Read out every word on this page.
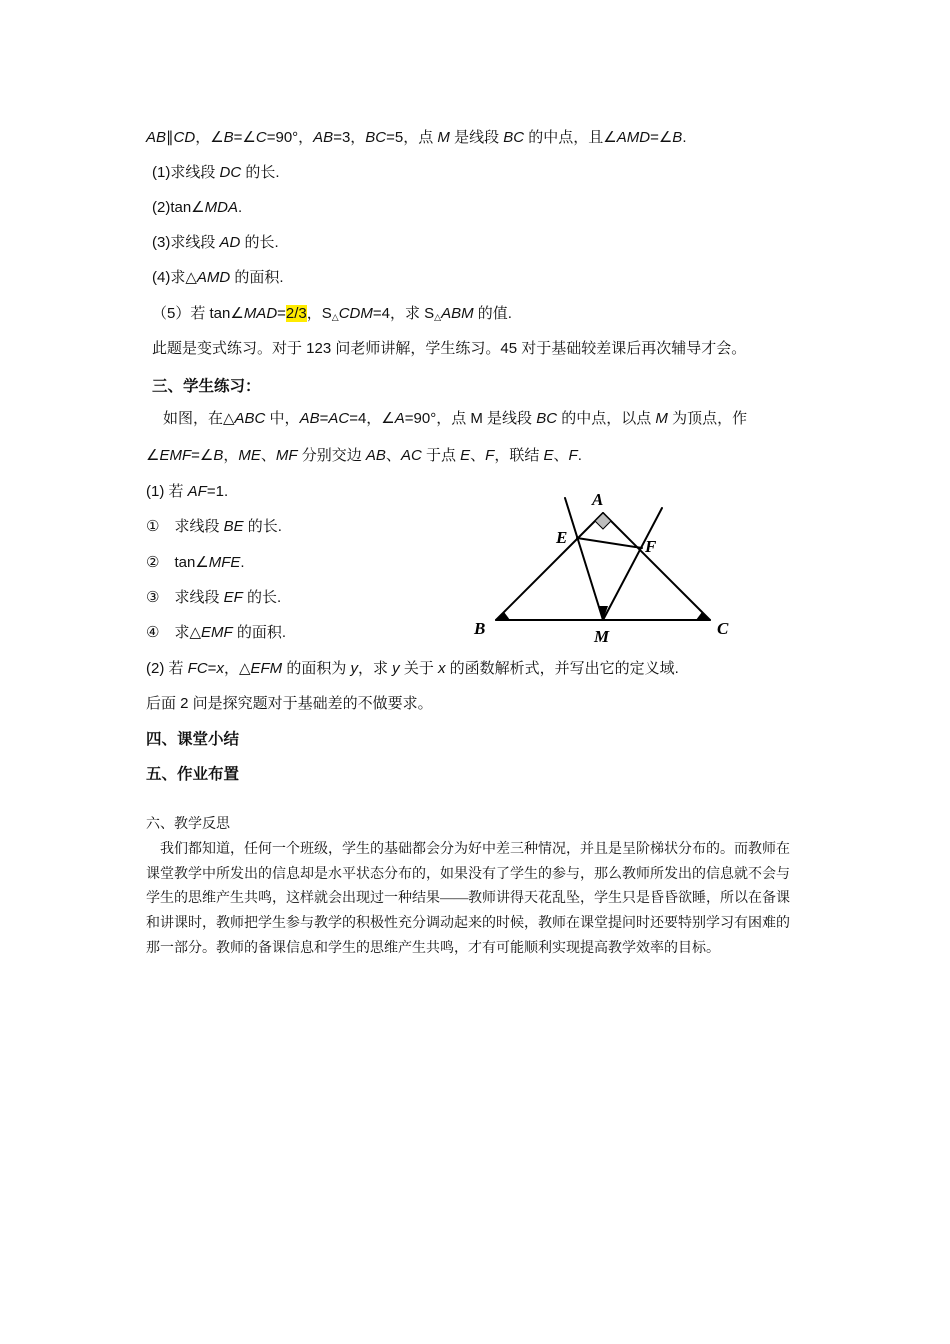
AB∥CD，∠B=∠C=90°，AB=3，BC=5，点 M 是线段 BC 的中点，且∠AMD=∠B.
(1)求线段 DC 的长.
(2)tan∠MDA.
(3)求线段 AD 的长.
(4)求△AMD 的面积.
（5）若 tan∠MAD=2/3，$S_\triangle CDM=4$，求 $S_\triangle ABM$ 的值.
此题是变式练习。对于 123 问老师讲解，学生练习。45 对于基础较差课后再次辅导才会。
三、学生练习：
如图，在△ABC 中，AB=AC=4，∠A=90°，点 M 是线段 BC 的中点，以点 M 为顶点，作
∠EMF=∠B，ME、MF 分别交边 AB、AC 于点 E、F，联结 E、F.
(1) 若 AF=1.
①　求线段 BE 的长.
②　tan∠MFE.
③　求线段 EF 的长.
④　求△EMF 的面积.
A
E	F
B	C
M
(2) 若 FC=x，△EFM 的面积为 y，求 y 关于 x 的函数解析式，并写出它的定义域.
后面 2 问是探究题对于基础差的不做要求。
四、课堂小结
五、作业布置
六、教学反思
我们都知道，任何一个班级，学生的基础都会分为好中差三种情况，并且是呈阶梯状分布的。而教师在
课堂教学中所发出的信息却是水平状态分布的，如果没有了学生的参与，那么教师所发出的信息就不会与
学生的思维产生共鸣，这样就会出现过一种结果——教师讲得天花乱坠，学生只是昏昏欲睡，所以在备课
和讲课时，教师把学生参与教学的积极性充分调动起来的时候，教师在课堂提问时还要特别学习有困难的
那一部分。教师的备课信息和学生的思维产生共鸣，才有可能顺利实现提高教学效率的目标。
